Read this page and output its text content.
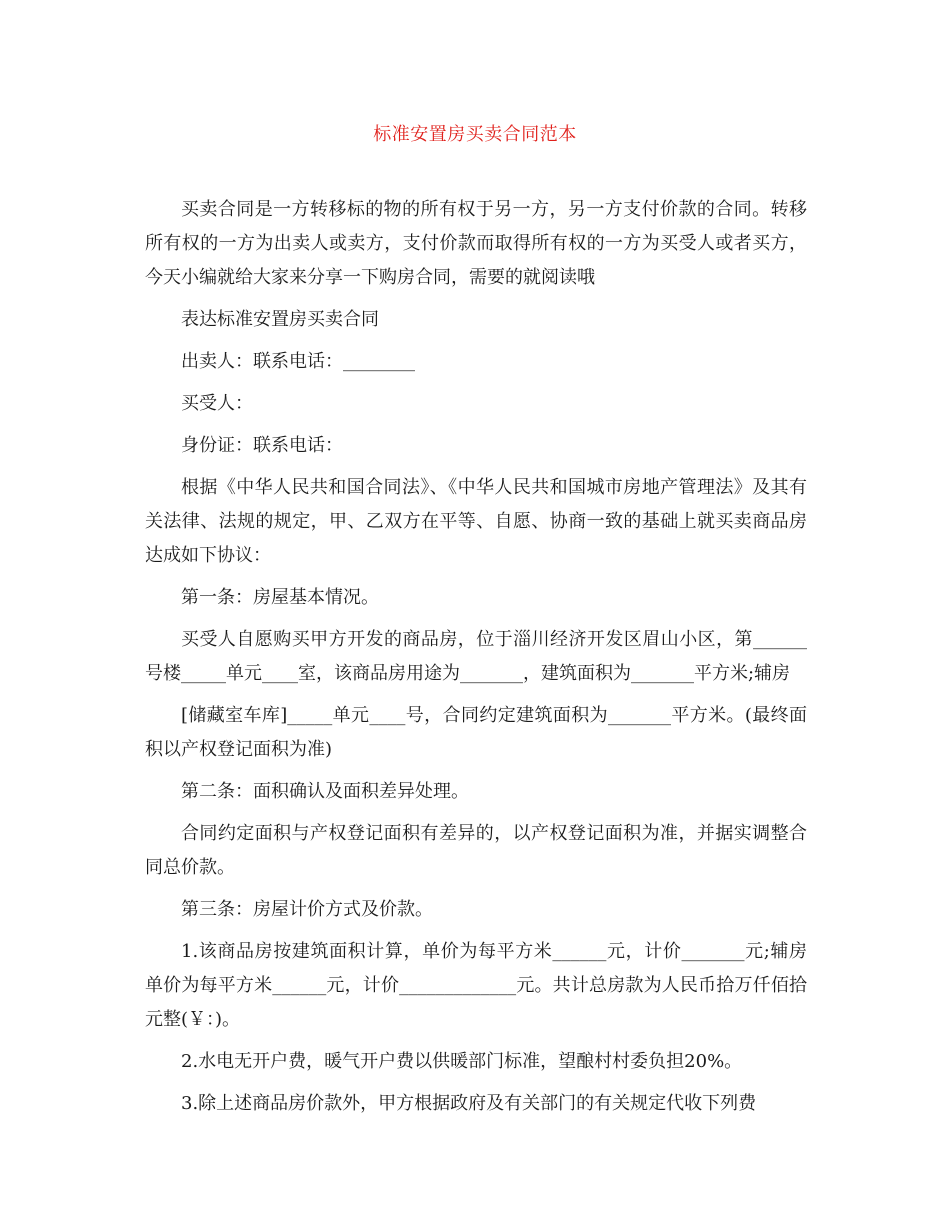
标准安置房买卖合同范本

买卖合同是一方转移标的物的所有权于另一方，另一方支付价款的合同。转移所有权的一方为出卖人或卖方，支付价款而取得所有权的一方为买受人或者买方，今天小编就给大家来分享一下购房合同，需要的就阅读哦

表达标准安置房买卖合同

出卖人：联系电话：________

买受人：

身份证：联系电话：

根据《中华人民共和国合同法》、《中华人民共和国城市房地产管理法》及其有关法律、法规的规定，甲、乙双方在平等、自愿、协商一致的基础上就买卖商品房达成如下协议：

第一条：房屋基本情况。

买受人自愿购买甲方开发的商品房，位于淄川经济开发区眉山小区，第______号楼_____单元____室，该商品房用途为_______，建筑面积为_______平方米;辅房

[储藏室车库]_____单元____号，合同约定建筑面积为_______平方米。(最终面积以产权登记面积为准)

第二条：面积确认及面积差异处理。

合同约定面积与产权登记面积有差异的，以产权登记面积为准，并据实调整合同总价款。

第三条：房屋计价方式及价款。

1.该商品房按建筑面积计算，单价为每平方米______元，计价_______元;辅房单价为每平方米______元，计价_____________元。共计总房款为人民币拾万仟佰拾元整(￥：)。

2.水电无开户费，暖气开户费以供暖部门标准，望酿村村委负担20%。

3.除上述商品房价款外，甲方根据政府及有关部门的有关规定代收下列费
